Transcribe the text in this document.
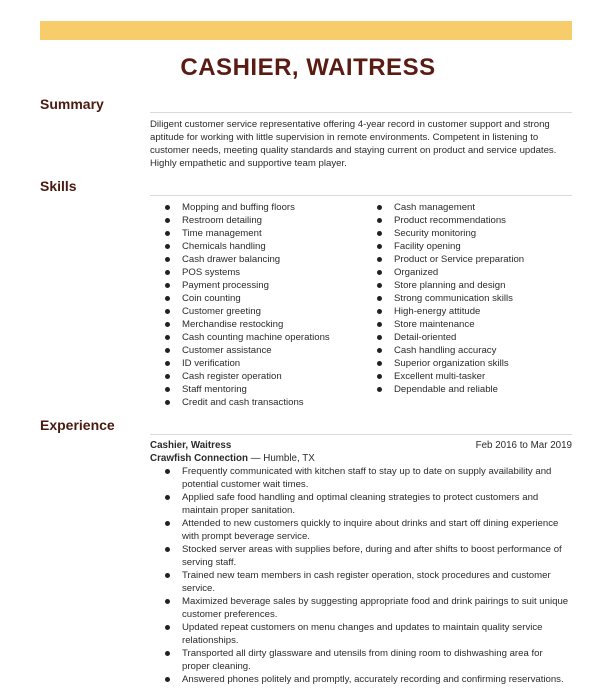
CASHIER, WAITRESS
Summary

Diligent customer service representative offering 4-year record in customer support and strong aptitude for working with little supervision in remote environments. Competent in listening to customer needs, meeting quality standards and staying current on product and service updates. Highly empathetic and supportive team player.

Skills
Mopping and buffing floors
Restroom detailing
Time management
Chemicals handling
Cash drawer balancing
POS systems
Payment processing
Coin counting
Customer greeting
Merchandise restocking
Cash counting machine operations
Customer assistance
ID verification
Cash register operation
Staff mentoring
Credit and cash transactions
Cash management
Product recommendations
Security monitoring
Facility opening
Product or Service preparation
Organized
Store planning and design
Strong communication skills
High-energy attitude
Store maintenance
Detail-oriented
Cash handling accuracy
Superior organization skills
Excellent multi-tasker
Dependable and reliable
Experience
Cashier, Waitress	Feb 2016 to Mar 2019
Crawfish Connection — Humble, TX
Frequently communicated with kitchen staff to stay up to date on supply availability and potential customer wait times.
Applied safe food handling and optimal cleaning strategies to protect customers and maintain proper sanitation.
Attended to new customers quickly to inquire about drinks and start off dining experience with prompt beverage service.
Stocked server areas with supplies before, during and after shifts to boost performance of serving staff.
Trained new team members in cash register operation, stock procedures and customer service.
Maximized beverage sales by suggesting appropriate food and drink pairings to suit unique customer preferences.
Updated repeat customers on menu changes and updates to maintain quality service relationships.
Transported all dirty glassware and utensils from dining room to dishwashing area for proper cleaning.
Answered phones politely and promptly, accurately recording and confirming reservations.
